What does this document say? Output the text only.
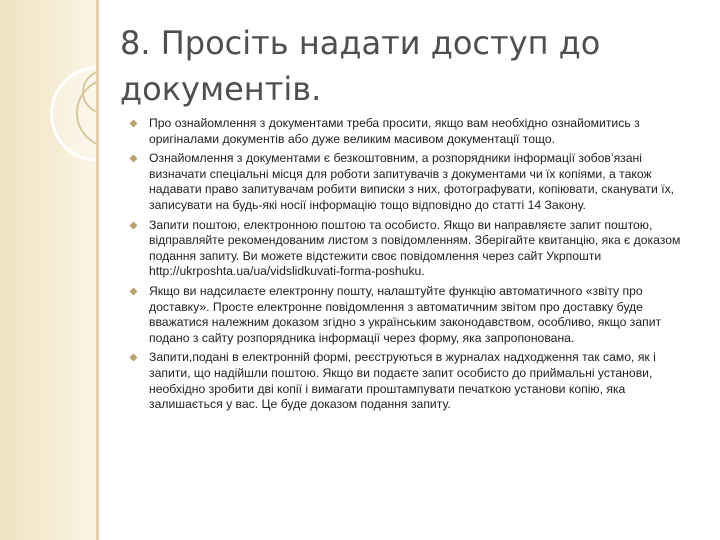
8. Просіть надати доступ до документів.
Про ознайомлення з документами треба просити, якщо вам необхідно ознайомитись з оригіналами документів або дуже великим масивом документації тощо.
Ознайомлення з документами є безкоштовним, а розпорядники інформації зобов’язані визначати спеціальні місця для роботи запитувачів з документами чи їх копіями, а також надавати право запитувачам робити виписки з них, фотографувати, копіювати, сканувати їх, записувати на будь-які носії інформацію тощо відповідно до статті 14 Закону.
Запити поштою, електронною поштою та особисто. Якщо ви направляєте запит поштою, відправляйте рекомендованим листом з повідомленням. Зберігайте квитанцію, яка є доказом подання запиту. Ви можете відстежити своє повідомлення через сайт Укрпошти http://ukrposhta.ua/ua/vidslidkuvati-forma-poshuku.
Якщо ви надсилаєте електронну пошту, налаштуйте функцію автоматичного «звіту про доставку». Просте електронне повідомлення з автоматичним звітом про доставку буде вважатися належним доказом згідно з українським законодавством, особливо, якщо запит подано з сайту розпорядника інформації через форму, яка запропонована.
Запити,подані в електронній формі, реєструються в журналах надходження так само, як і запити, що надійшли поштою. Якщо ви подаєте запит особисто до приймальні установи, необхідно зробити дві копії і вимагати проштампувати печаткою установи копію, яка залишається у вас. Це буде доказом подання запиту.
